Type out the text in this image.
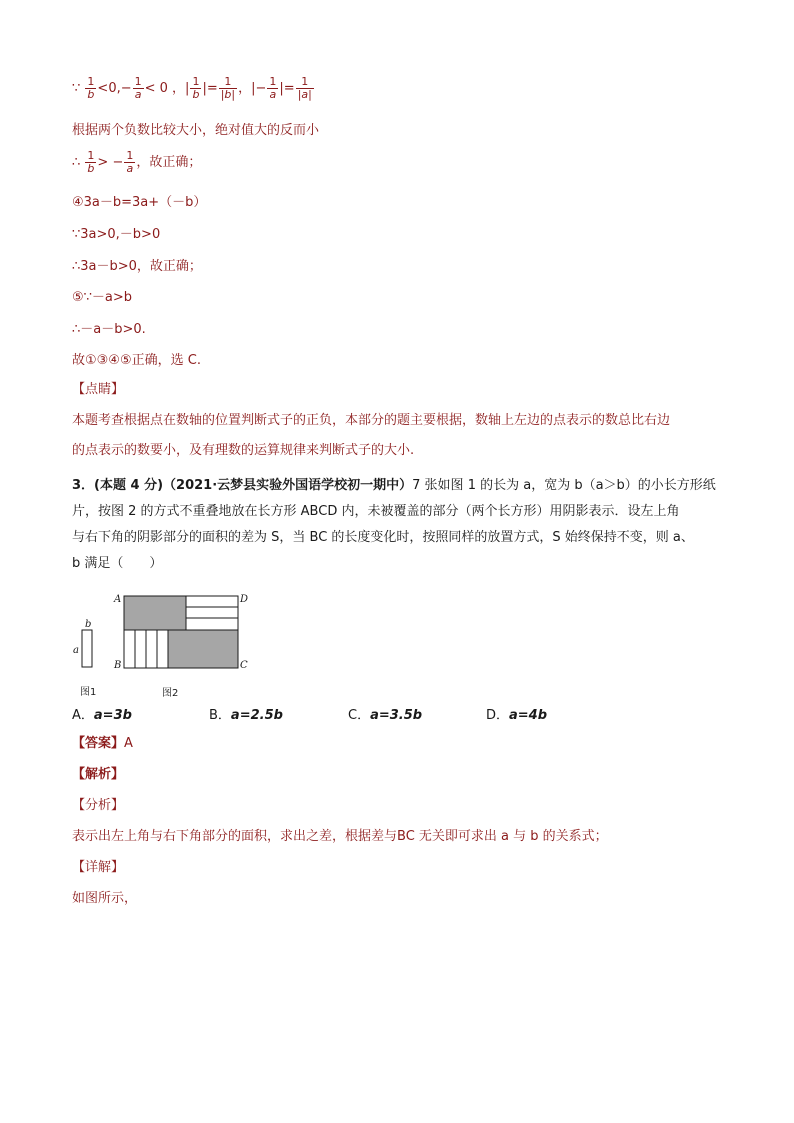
∵ $\frac{1}{b} <0,- \frac{1}{a} < 0$ ，| $\frac{1}{b}$ |= $\frac{1}{|b|}$ ，|− $\frac{1}{a}$ |= $\frac{1}{|a|}$
根据两个负数比较大小，绝对值大的反而小
∴ $\frac{1}{b}$ > − $\frac{1}{a}$ ，故正确；
④3a－b=3a+（－b）
∵3a>0,－b>0
∴3a－b>0，故正确；
⑤∵－a>b
∴－a－b>0.
故①③④⑤正确，选 C.
【点睛】
本题考查根据点在数轴的位置判断式子的正负，本部分的题主要根据，数轴上左边的点表示的数总比右边
的点表示的数要小，及有理数的运算规律来判断式子的大小.
3．(本题 4 分)（2021·云梦县实验外国语学校初一期中）7 张如图 1 的长为 a，宽为 b（a＞b）的小长方形纸
片，按图 2 的方式不重叠地放在长方形 ABCD 内，未被覆盖的部分（两个长方形）用阴影表示．设左上角
与右下角的阴影部分的面积的差为 S，当 BC 的长度变化时，按照同样的放置方式，S 始终保持不变，则 a、
b 满足（　　）
b
a
A	D
B	C
图1	图2
A．a=3b	B．a=2.5b	C．a=3.5b	D．a=4b
【答案】A
【解析】
【分析】
表示出左上角与右下角部分的面积，求出之差，根据差与BC 无关即可求出 a 与 b 的关系式；
【详解】
如图所示，
